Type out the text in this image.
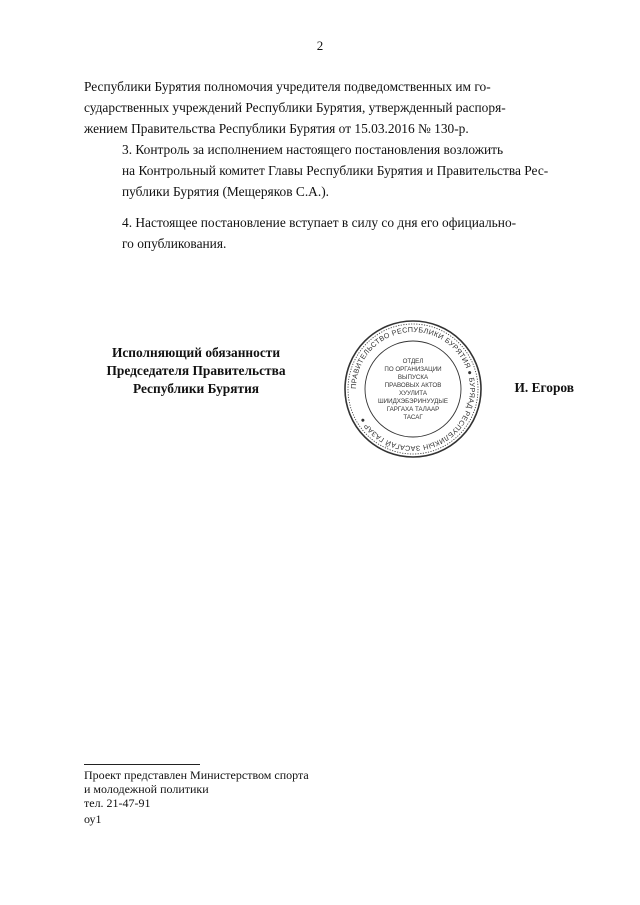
2

Республики Бурятия полномочия учредителя подведомственных им го-
сударственных учреждений Республики Бурятия, утвержденный распоря-
жением Правительства Республики Бурятия от 15.03.2016 № 130-р.

3. Контроль за исполнением настоящего постановления возложить
на Контрольный комитет Главы Республики Бурятия и Правительства Рес-
публики Бурятия (Мещеряков С.А.).

4. Настоящее постановление вступает в силу со дня его официально-
го опубликования.

Исполняющий обязанности
Председателя Правительства
Республики Бурятия	ПРАВИТЕЛЬСТВО РЕСПУБЛИКИ БУРЯТИЯ ● БУРЯАД РЕСПУБЛИКЫН ЗАСАГАЙ ГАЗАР ●
ОТДЕЛ
ПО ОРГАНИЗАЦИИ
ВЫПУСКА
ПРАВОВЫХ АКТОВ
ХУУЛИТА
ШИИДХЭБЭРИНУУДЫЕ
ГАРГАХА ТАЛААР
ТАСАГ
И. Егоров
Проект представлен Министерством спорта
и молодежной политики
тел. 21-47-91
оу1
